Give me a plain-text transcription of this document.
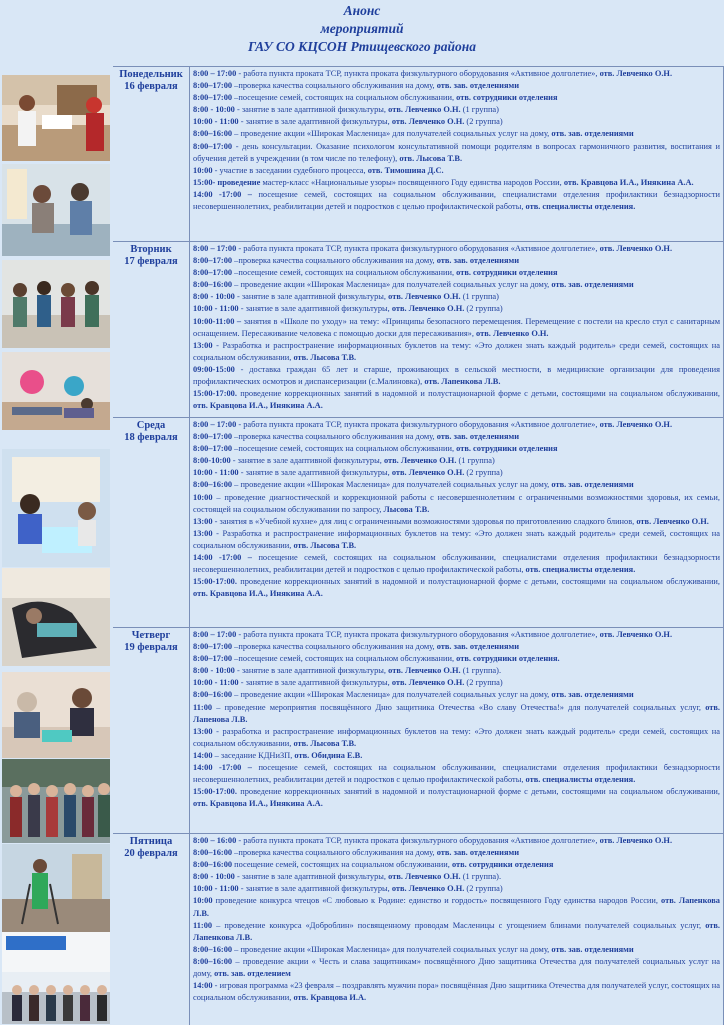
Анонс
мероприятий
ГАУ СО КЦСОН Ртищевского района
Понедельник
16 февраля

8:00 – 17:00 - работа пункта проката ТСР, пункта проката физкультурного оборудования «Активное долголетие», отв. Левченко О.Н.

8:00–17:00 –проверка качества социального обслуживания на дому, отв. зав. отделениями

8:00–17:00 –посещение семей, состоящих на социальном обслуживании, отв. сотрудники отделения

8:00 - 10:00 - занятие в зале адаптивной физкультуры, отв. Левченко О.Н. (1 группа)

10:00 - 11:00 - занятие в зале адаптивной физкультуры, отв. Левченко О.Н. (2 группа)

8:00–16:00 – проведение акции «Широкая Масленица» для получателей социальных услуг на дому, отв. зав. отделениями

8:00–17:00 - день консультации. Оказание психологом консультативной помощи родителям в вопросах гармоничного развития, воспитания и обучения детей в учреждении (в том числе по телефону), отв. Лысова Т.В.

10:00 - участие в заседании судебного процесса, отв. Тимошина Д.С.

15:00- проведение мастер-класс «Национальные узоры» посвященного Году единства народов России, отв. Кравцова И.А., Инякина А.А.

14:00 -17:00 – посещение семей, состоящих на социальном обслуживании, специалистами отделения профилактики безнадзорности несовершеннолетних, реабилитации детей и подростков с целью профилактической работы, отв. специалисты отделения.

Вторник
17 февраля

8:00 – 17:00 - работа пункта проката ТСР, пункта проката физкультурного оборудования «Активное долголетие», отв. Левченко О.Н.

8:00–17:00 –проверка качества социального обслуживания на дому, отв. зав. отделениями

8:00–17:00 –посещение семей, состоящих на социальном обслуживании, отв. сотрудники отделения

8:00–16:00 – проведение акции «Широкая Масленица» для получателей социальных услуг на дому, отв. зав. отделениями

8:00 - 10:00 - занятие в зале адаптивной физкультуры, отв. Левченко О.Н. (1 группа)

10:00 - 11:00 - занятие в зале адаптивной физкультуры, отв. Левченко О.Н. (2 группа)

10:00-11:00 – занятия в «Школе по уходу» на тему: «Принципы безопасного перемещения. Перемещение с постели на кресло стул с санитарным оснащением. Пересаживание человека с помощью доски для пересаживания», отв. Левченко О.Н.

13:00 - Разработка и распространение информационных буклетов на тему: «Это должен знать каждый родитель» среди семей, состоящих на социальном обслуживании, отв. Лысова Т.В.

09:00-15:00 - доставка граждан 65 лет и старше, проживающих в сельской местности, в медицинские организации для проведения профилактических осмотров и диспансеризации (с.Малиновка), отв. Лапенкова Л.В.

15:00-17:00. проведение коррекционных занятий в надомной и полустационарной форме с детьми, состоящими на социальном обслуживании, отв. Кравцова И.А., Инякина А.А.

Среда
18 февраля

8:00 – 17:00 - работа пункта проката ТСР, пункта проката физкультурного оборудования «Активное долголетие», отв. Левченко О.Н.

8:00–17:00 –проверка качества социального обслуживания на дому, отв. зав. отделениями

8:00–17:00 –посещение семей, состоящих на социальном обслуживании, отв. сотрудники отделения

8:00-10:00 - занятие в зале адаптивной физкультуры, отв. Левченко О.Н. (1 группа)

10:00 - 11:00 - занятие в зале адаптивной физкультуры, отв. Левченко О.Н. (2 группа)

8:00–16:00 – проведение акции «Широкая Масленица» для получателей социальных услуг на дому, отв. зав. отделениями

10:00 – проведение диагностической и коррекционной работы с несовершеннолетним с ограниченными возможностями здоровья, их семьи, состоящей на социальном обслуживании по запросу, Лысова Т.В.

13:00 - занятия в «Учебной кухне» для лиц с ограниченными возможностями здоровья по приготовлению сладкого блинов, отв. Левченко О.Н.

13:00 - Разработка и распространение информационных буклетов на тему: «Это должен знать каждый родитель» среди семей, состоящих на социальном обслуживании, отв. Лысова Т.В.

14:00 -17:00 – посещение семей, состоящих на социальном обслуживании, специалистами отделения профилактики безнадзорности несовершеннолетних, реабилитации детей и подростков с целью профилактической работы, отв. специалисты отделения.

15:00-17:00. проведение коррекционных занятий в надомной и полустационарной форме с детьми, состоящими на социальном обслуживании, отв. Кравцова И.А., Инякина А.А.

Четверг
19 февраля

8:00 – 17:00 - работа пункта проката ТСР, пункта проката физкультурного оборудования «Активное долголетие», отв. Левченко О.Н.

8:00–17:00 –проверка качества социального обслуживания на дому, отв. зав. отделениями

8:00–17:00 –посещение семей, состоящих на социальном обслуживании, отв. сотрудники отделения.

8:00 - 10:00 - занятие в зале адаптивной физкультуры, отв. Левченко О.Н. (1 группа).

10:00 - 11:00 - занятие в зале адаптивной физкультуры, отв. Левченко О.Н. (2 группа)

8:00–16:00 – проведение акции «Широкая Масленица» для получателей социальных услуг на дому, отв. зав. отделениями

11:00 – проведение мероприятия посвящённого Дню защитника Отечества «Во славу Отечества!» для получателей социальных услуг, отв. Лапенова Л.В.

13:00 - разработка и распространение информационных буклетов на тему: «Это должен знать каждый родитель» среди семей, состоящих на социальном обслуживании, отв. Лысова Т.В.

14:00 – заседание КДНиЗП, отв. Обидина Е.В.

14:00 -17:00 – посещение семей, состоящих на социальном обслуживании, специалистами отделения профилактики безнадзорности несовершеннолетних, реабилитации детей и подростков с целью профилактической работы, отв. специалисты отделения.

15:00-17:00. проведение коррекционных занятий в надомной и полустационарной форме с детьми, состоящими на социальном обслуживании, отв. Кравцова И.А., Инякина А.А.

Пятница
20 февраля

8:00 – 16:00 - работа пункта проката ТСР, пункта проката физкультурного оборудования «Активное долголетие», отв. Левченко О.Н.

8:00–16:00 –проверка качества социального обслуживания на дому, отв. зав. отделениями

8:00–16:00 посещение семей, состоящих на социальном обслуживании, отв. сотрудники отделения

8:00 - 10:00 - занятие в зале адаптивной физкультуры, отв. Левченко О.Н. (1 группа).

10:00 - 11:00 - занятие в зале адаптивной физкультуры, отв. Левченко О.Н. (2 группа)

10:00 проведение конкурса чтецов «С любовью к Родине: единство и гордость» посвященного Году единства народов России, отв. Лапенкова Л.В.

11:00 – проведение конкурса «Доброблин» посвященному проводам Масленицы с угощением блинами получателей социальных услуг, отв. Лапенкова Л.В.

8:00–16:00 – проведение акции «Широкая Масленица» для получателей социальных услуг на дому, отв. зав. отделениями

8:00–16:00 – проведение акции « Честь и слава защитникам» посвящённого Дню защитника Отечества для получателей социальных услуг на дому, отв. зав. отделением

14:00 - игровая программа «23 февраля – поздравлять мужчин пора» посвящённая Дню защитника Отечества для получателей услуг, состоящих на социальном обслуживании, отв. Кравцова И.А.
